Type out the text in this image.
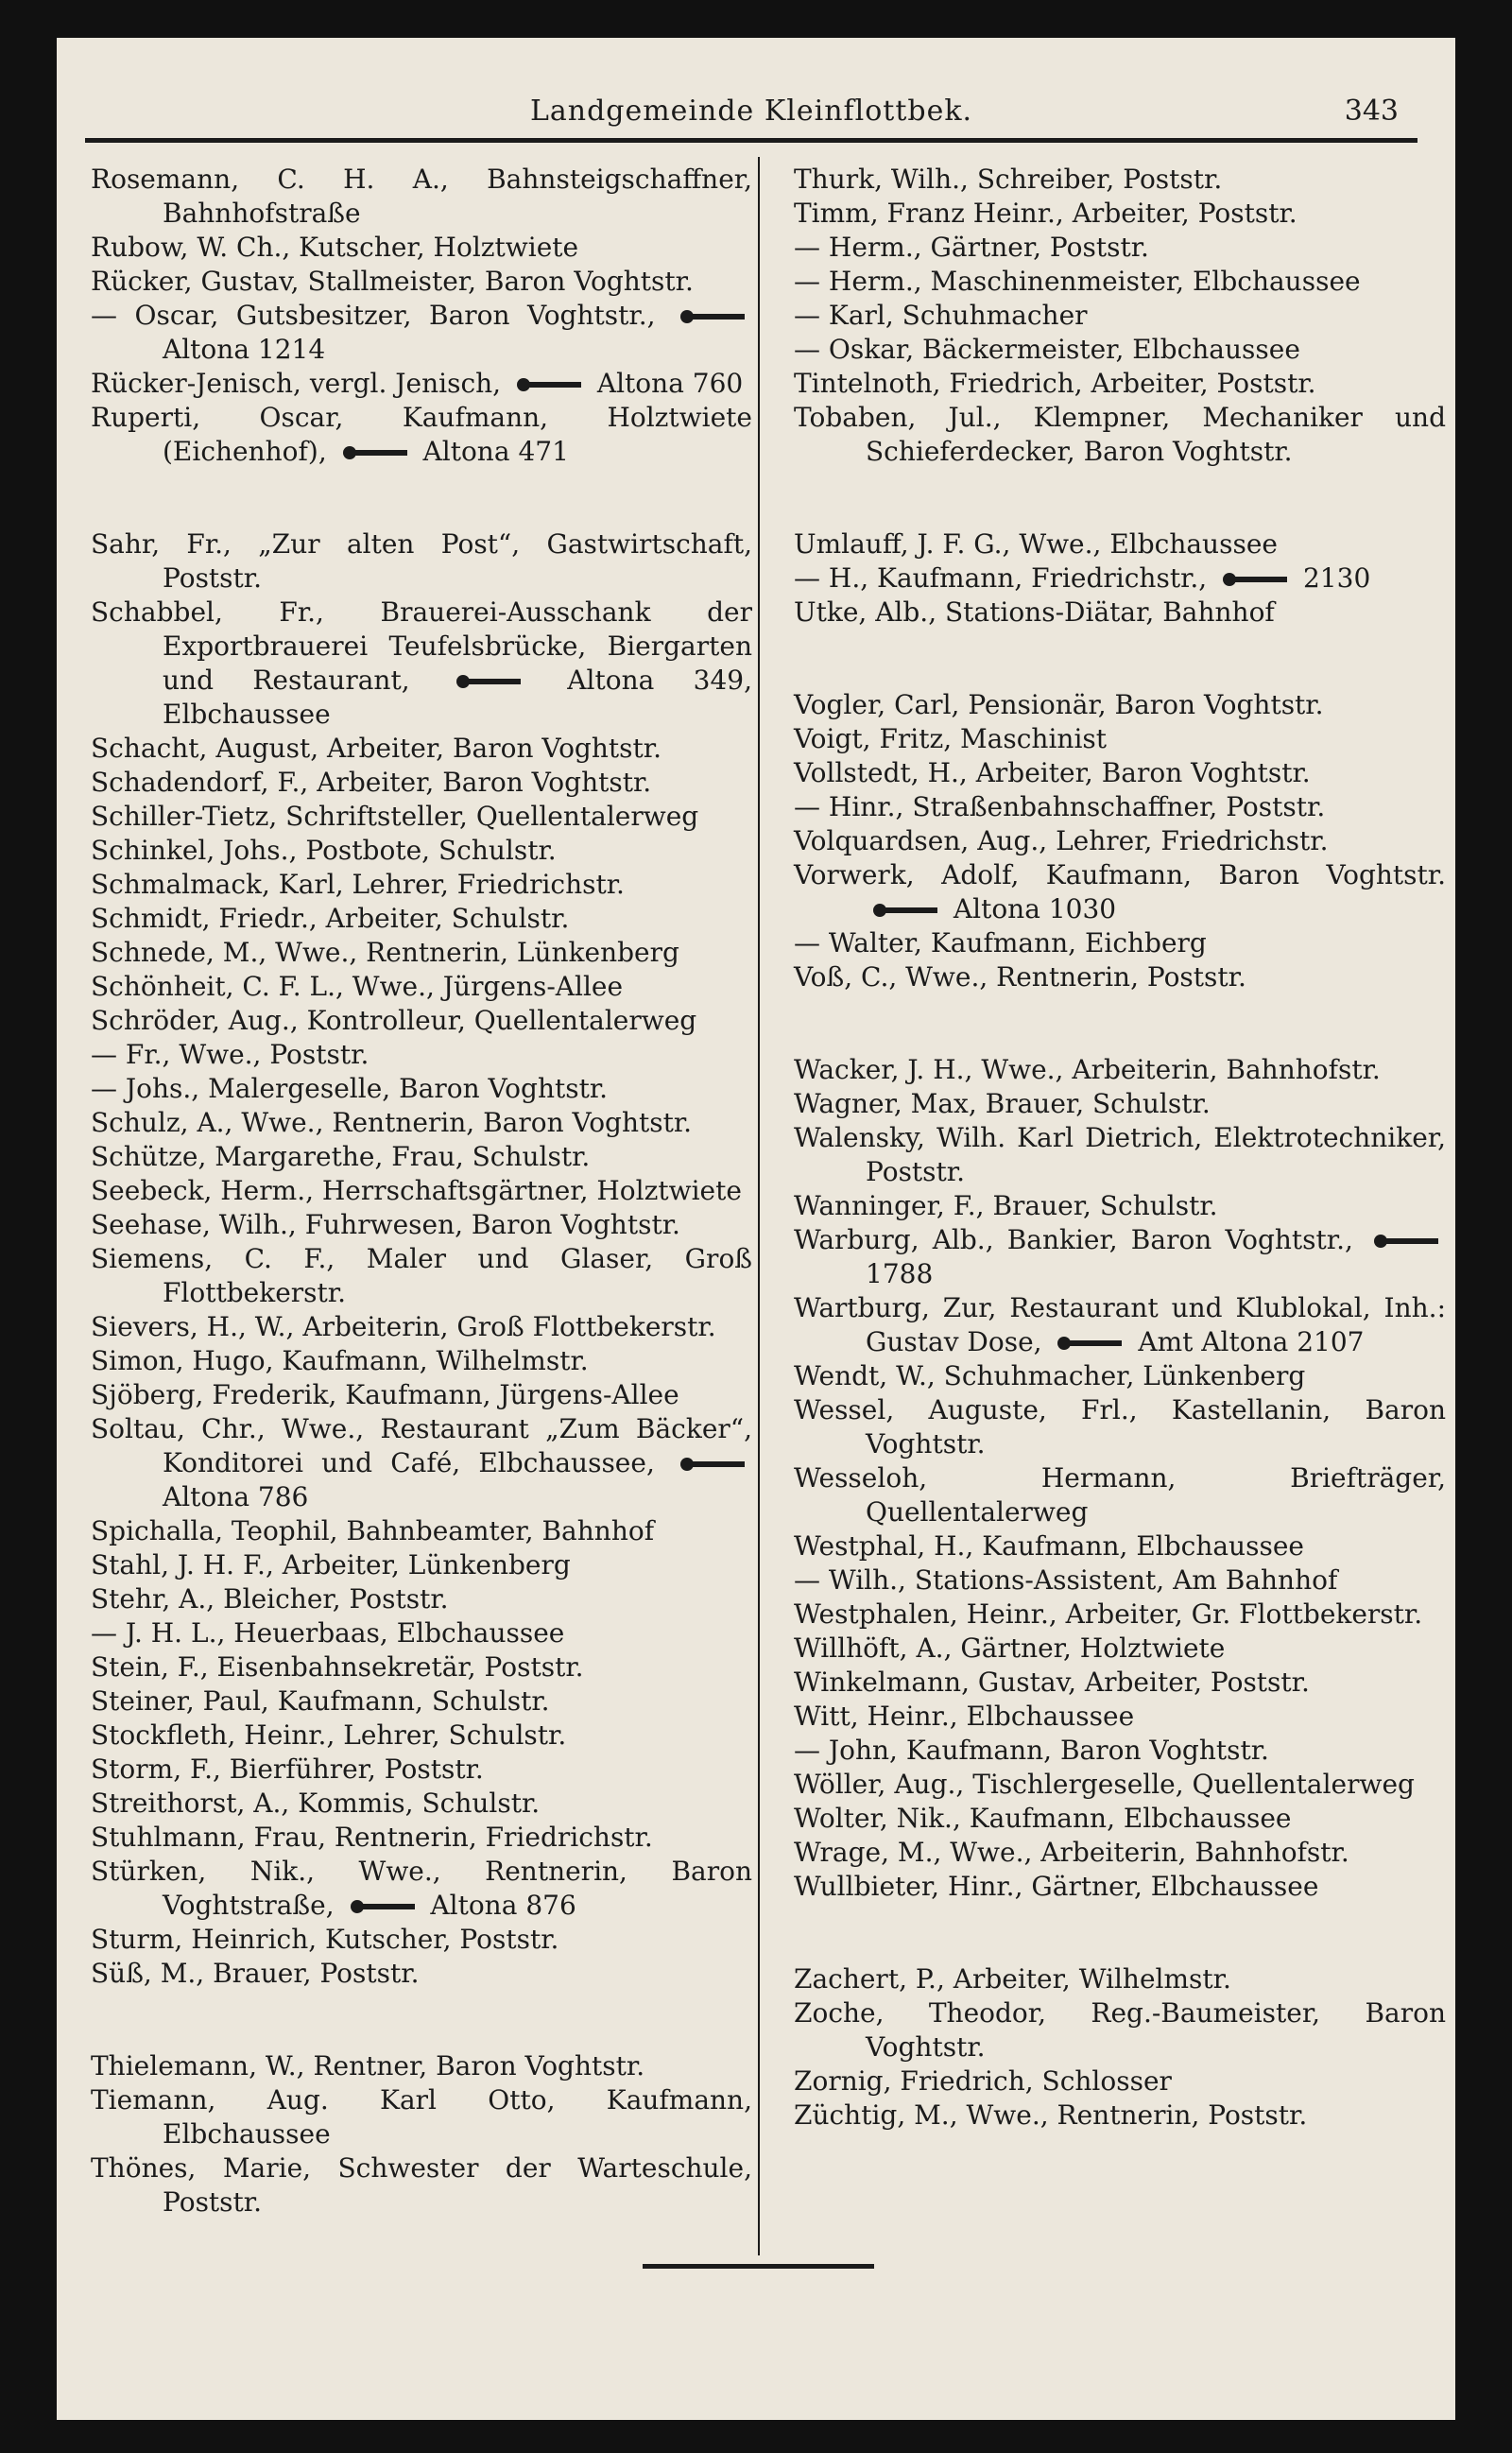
Landgemeinde Kleinflottbek.	343
Rosemann, C. H. A., Bahnsteigschaffner, Bahnhofstraße
Rubow, W. Ch., Kutscher, Holztwiete
Rücker, Gustav, Stallmeister, Baron Voghtstr.
— Oscar, Gutsbesitzer, Baron Voghtstr.,  Altona 1214
Rücker-Jenisch, vergl. Jenisch,	Altona 760
Ruperti, Oscar, Kaufmann, Holztwiete (Eichenhof),	Altona 471
Sahr, Fr., „Zur alten Post“, Gastwirtschaft, Poststr.
Schabbel, Fr., Brauerei-Ausschank der Exportbrauerei Teufelsbrücke, Biergarten und Restaurant,	Altona 349, Elbchaussee
Schacht, August, Arbeiter, Baron Voghtstr.
Schadendorf, F., Arbeiter, Baron Voghtstr.
Schiller-Tietz, Schriftsteller, Quellentalerweg
Schinkel, Johs., Postbote, Schulstr.
Schmalmack, Karl, Lehrer, Friedrichstr.
Schmidt, Friedr., Arbeiter, Schulstr.
Schnede, M., Wwe., Rentnerin, Lünkenberg
Schönheit, C. F. L., Wwe., Jürgens-Allee
Schröder, Aug., Kontrolleur, Quellentalerweg
— Fr., Wwe., Poststr.
— Johs., Malergeselle, Baron Voghtstr.
Schulz, A., Wwe., Rentnerin, Baron Voghtstr.
Schütze, Margarethe, Frau, Schulstr.
Seebeck, Herm., Herrschaftsgärtner, Holztwiete
Seehase, Wilh., Fuhrwesen, Baron Voghtstr.
Siemens, C. F., Maler und Glaser, Groß Flottbekerstr.
Sievers, H., W., Arbeiterin, Groß Flottbekerstr.
Simon, Hugo, Kaufmann, Wilhelmstr.
Sjöberg, Frederik, Kaufmann, Jürgens-Allee
Soltau, Chr., Wwe., Restaurant „Zum Bäcker“, Konditorei und Café, Elbchaussee,  Altona 786
Spichalla, Teophil, Bahnbeamter, Bahnhof
Stahl, J. H. F., Arbeiter, Lünkenberg
Stehr, A., Bleicher, Poststr.
— J. H. L., Heuerbaas, Elbchaussee
Stein, F., Eisenbahnsekretär, Poststr.
Steiner, Paul, Kaufmann, Schulstr.
Stockfleth, Heinr., Lehrer, Schulstr.
Storm, F., Bierführer, Poststr.
Streithorst, A., Kommis, Schulstr.
Stuhlmann, Frau, Rentnerin, Friedrichstr.
Stürken, Nik., Wwe., Rentnerin, Baron Voghtstraße,	Altona 876
Sturm, Heinrich, Kutscher, Poststr.
Süß, M., Brauer, Poststr.
Thielemann, W., Rentner, Baron Voghtstr.
Tiemann, Aug. Karl Otto, Kaufmann, Elbchaussee
Thönes, Marie, Schwester der Warteschule, Poststr.
Thurk, Wilh., Schreiber, Poststr.
Timm, Franz Heinr., Arbeiter, Poststr.
— Herm., Gärtner, Poststr.
— Herm., Maschinenmeister, Elbchaussee
— Karl, Schuhmacher
— Oskar, Bäckermeister, Elbchaussee
Tintelnoth, Friedrich, Arbeiter, Poststr.
Tobaben, Jul., Klempner, Mechaniker und Schieferdecker, Baron Voghtstr.
Umlauff, J. F. G., Wwe., Elbchaussee
— H., Kaufmann, Friedrichstr.,	2130
Utke, Alb., Stations-Diätar, Bahnhof
Vogler, Carl, Pensionär, Baron Voghtstr.
Voigt, Fritz, Maschinist
Vollstedt, H., Arbeiter, Baron Voghtstr.
— Hinr., Straßenbahnschaffner, Poststr.
Volquardsen, Aug., Lehrer, Friedrichstr.
Vorwerk, Adolf, Kaufmann, Baron Voghtstr.  Altona 1030
— Walter, Kaufmann, Eichberg
Voß, C., Wwe., Rentnerin, Poststr.
Wacker, J. H., Wwe., Arbeiterin, Bahnhofstr.
Wagner, Max, Brauer, Schulstr.
Walensky, Wilh. Karl Dietrich, Elektrotechniker, Poststr.
Wanninger, F., Brauer, Schulstr.
Warburg, Alb., Bankier, Baron Voghtstr.,  1788
Wartburg, Zur, Restaurant und Klublokal, Inh.: Gustav Dose,	Amt Altona 2107
Wendt, W., Schuhmacher, Lünkenberg
Wessel, Auguste, Frl., Kastellanin, Baron Voghtstr.
Wesseloh, Hermann, Briefträger, Quellentalerweg
Westphal, H., Kaufmann, Elbchaussee
— Wilh., Stations-Assistent, Am Bahnhof
Westphalen, Heinr., Arbeiter, Gr. Flottbekerstr.
Willhöft, A., Gärtner, Holztwiete
Winkelmann, Gustav, Arbeiter, Poststr.
Witt, Heinr., Elbchaussee
— John, Kaufmann, Baron Voghtstr.
Wöller, Aug., Tischlergeselle, Quellentalerweg
Wolter, Nik., Kaufmann, Elbchaussee
Wrage, M., Wwe., Arbeiterin, Bahnhofstr.
Wullbieter, Hinr., Gärtner, Elbchaussee
Zachert, P., Arbeiter, Wilhelmstr.
Zoche, Theodor, Reg.-Baumeister, Baron Voghtstr.
Zornig, Friedrich, Schlosser
Züchtig, M., Wwe., Rentnerin, Poststr.
